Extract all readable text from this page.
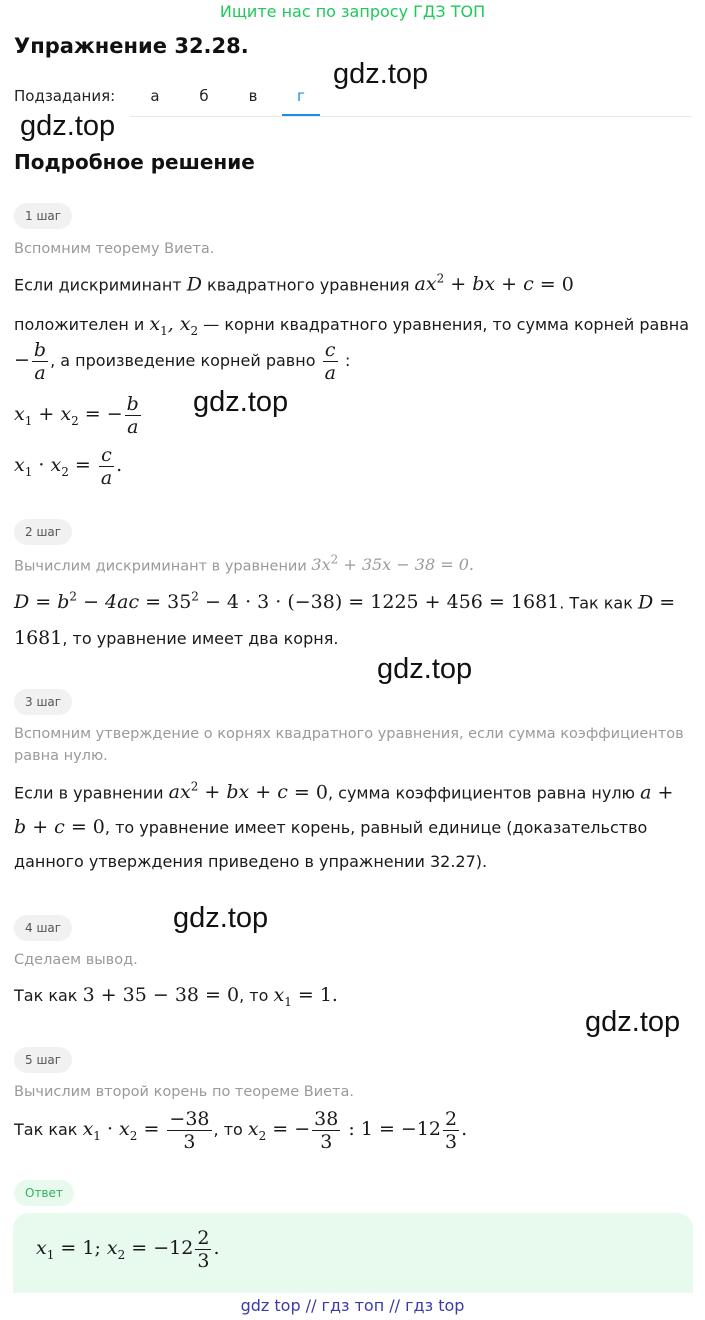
Ищите нас по запросу ГДЗ ТОП
Упражнение 32.28.
Подзадания:	а	б	в	г
gdz.top
gdz.top
Подробное решение
1 шаг
Вспомним теорему Виета.
Если дискриминант D квадратного уравнения $ax^2$ + bx + c = 0
положителен и $x_1$, $x_2$ — корни квадратного уравнения, то сумма корней равна
− $\frac{b}{a}$ , а произведение корней равно $\frac{c}{a}$ :
$x_1 + x_2$ = − $\frac{b}{a}$
$x_1 \cdot x_2 = \frac{c}{a}$ .
gdz.top
2 шаг
Вычислим дискриминант в уравнении $3x^2 + 35x - 38 = 0$.
$D = b^2 - 4ac = 35^2 - 4 \cdot 3 \cdot (-38) = 1225 + 456 = 1681$. Так как D =
1681, то уравнение имеет два корня.
gdz.top
3 шаг
Вспомним утверждение о корнях квадратного уравнения, если сумма коэффициентов
равна нулю.
Если в уравнении $ax^2$ + bx + c = 0, сумма коэффициентов равна нулю a +
b + c = 0, то уравнение имеет корень, равный единице (доказательство
данного утверждения приведено в упражнении 32.27).
gdz.top
4 шаг
Сделаем вывод.
Так как 3 + 35 − 38 = 0, то $x_1 = 1$.
gdz.top
5 шаг
Вычислим второй корень по теореме Виета.
Так как $x_1 \cdot x_2 = \frac{-38}{3}$ , то $x_2$ = − $\frac{38}{3}$ : $1 = -12 \frac{2}{3}$ .
Ответ
$x_1 = 1$; $x_2 = -12 \frac{2}{3}$ .
gdz top // гдз топ // гдз top
